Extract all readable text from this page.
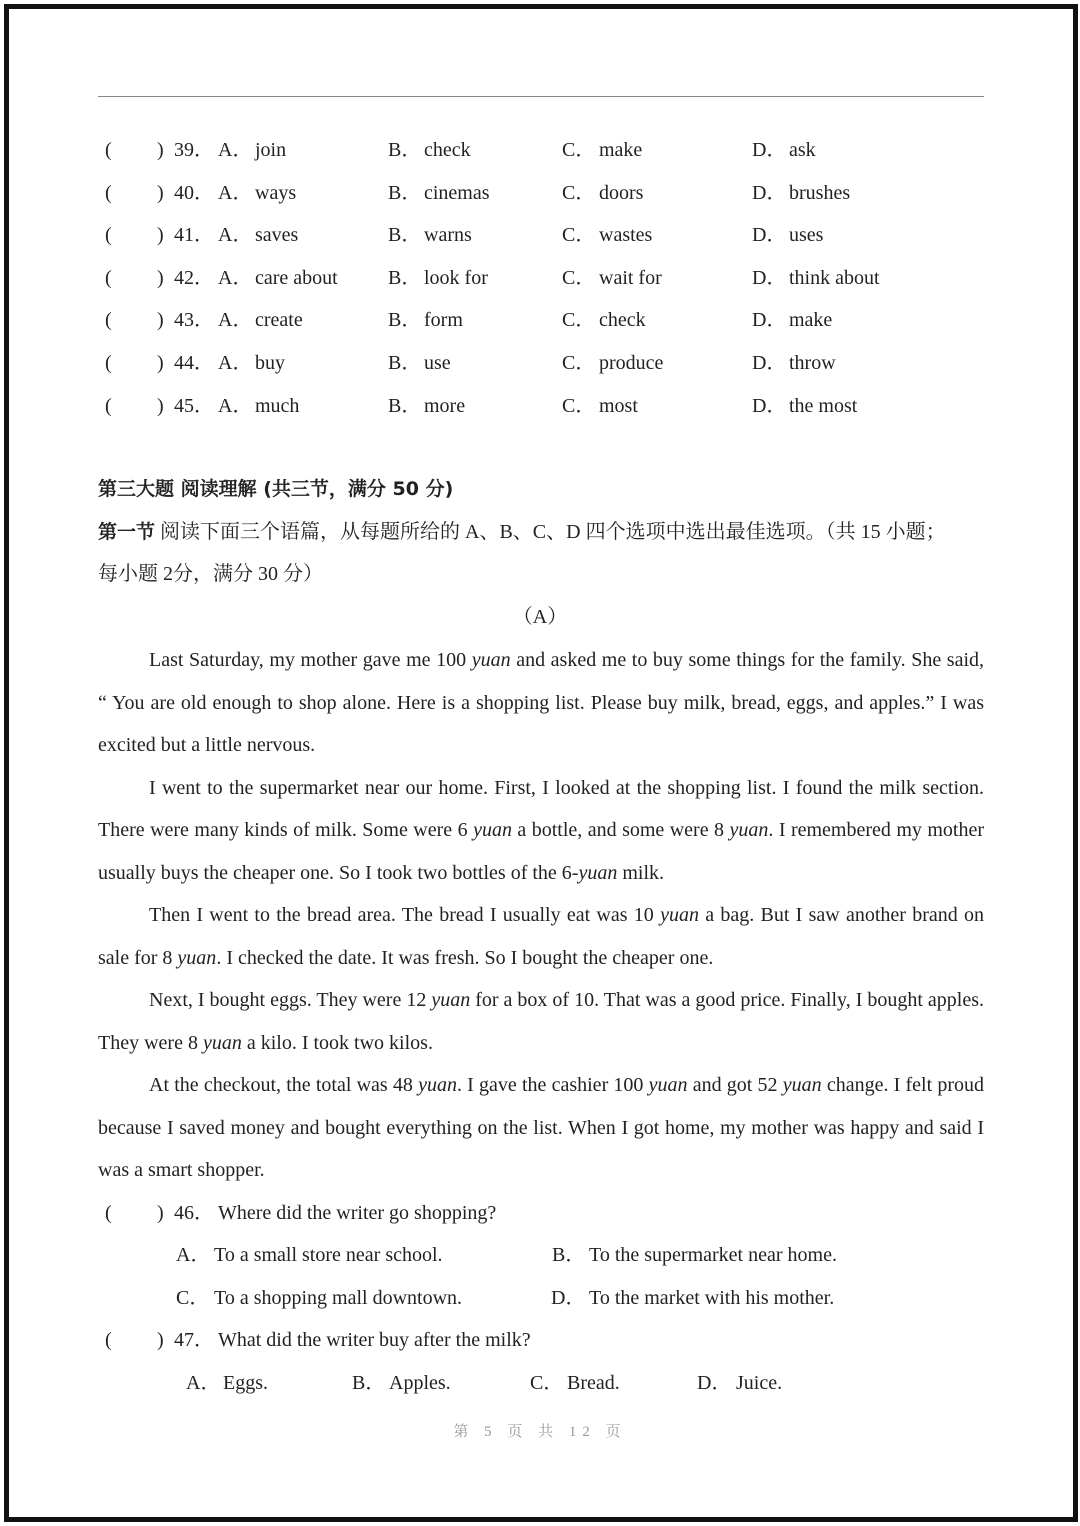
( ) 39． A． join	B． check	C． make	D． ask
( ) 40． A． ways	B． cinemas	C． doors	D． brushes
( ) 41． A． saves	B． warns	C． wastes	D． uses
( ) 42． A． care about	B． look for	C． wait for	D． think about
( ) 43． A． create	B． form	C． check	D． make
( ) 44． A． buy	B． use	C． produce	D． throw
( ) 45． A． much	B． more	C． most	D． the most
第三大题 阅读理解 (共三节，满分 50 分)
第一节 阅读下面三个语篇，从每题所给的 A、B、C、D 四个选项中选出最佳选项。（共 15 小题；
每小题 2分，满分 30 分）
（A）

Last Saturday, my mother gave me 100 yuan and asked me to buy some things for the family. She said, “ You are old enough to shop alone. Here is a shopping list. Please buy milk, bread, eggs, and apples.” I was excited but a little nervous.

I went to the supermarket near our home. First, I looked at the shopping list. I found the milk section. There were many kinds of milk. Some were 6 yuan a bottle, and some were 8 yuan. I remembered my mother usually buys the cheaper one. So I took two bottles of the 6-yuan milk.

Then I went to the bread area. The bread I usually eat was 10 yuan a bag. But I saw another brand on sale for 8 yuan. I checked the date. It was fresh. So I bought the cheaper one.

Next, I bought eggs. They were 12 yuan for a box of 10. That was a good price. Finally, I bought apples. They were 8 yuan a kilo. I took two kilos.

At the checkout, the total was 48 yuan. I gave the cashier 100 yuan and got 52 yuan change. I felt proud because I saved money and bought everything on the list. When I got home, my mother was happy and said I was a smart shopper.

( ) 46． Where did the writer go shopping?
A． To a small store near school.	B． To the supermarket near home.
C． To a shopping mall downtown.	D． To the market with his mother.
( ) 47． What did the writer buy after the milk?
A． Eggs.	B． Apples.	C． Bread.	D． Juice.
第 5 页 共 12 页
